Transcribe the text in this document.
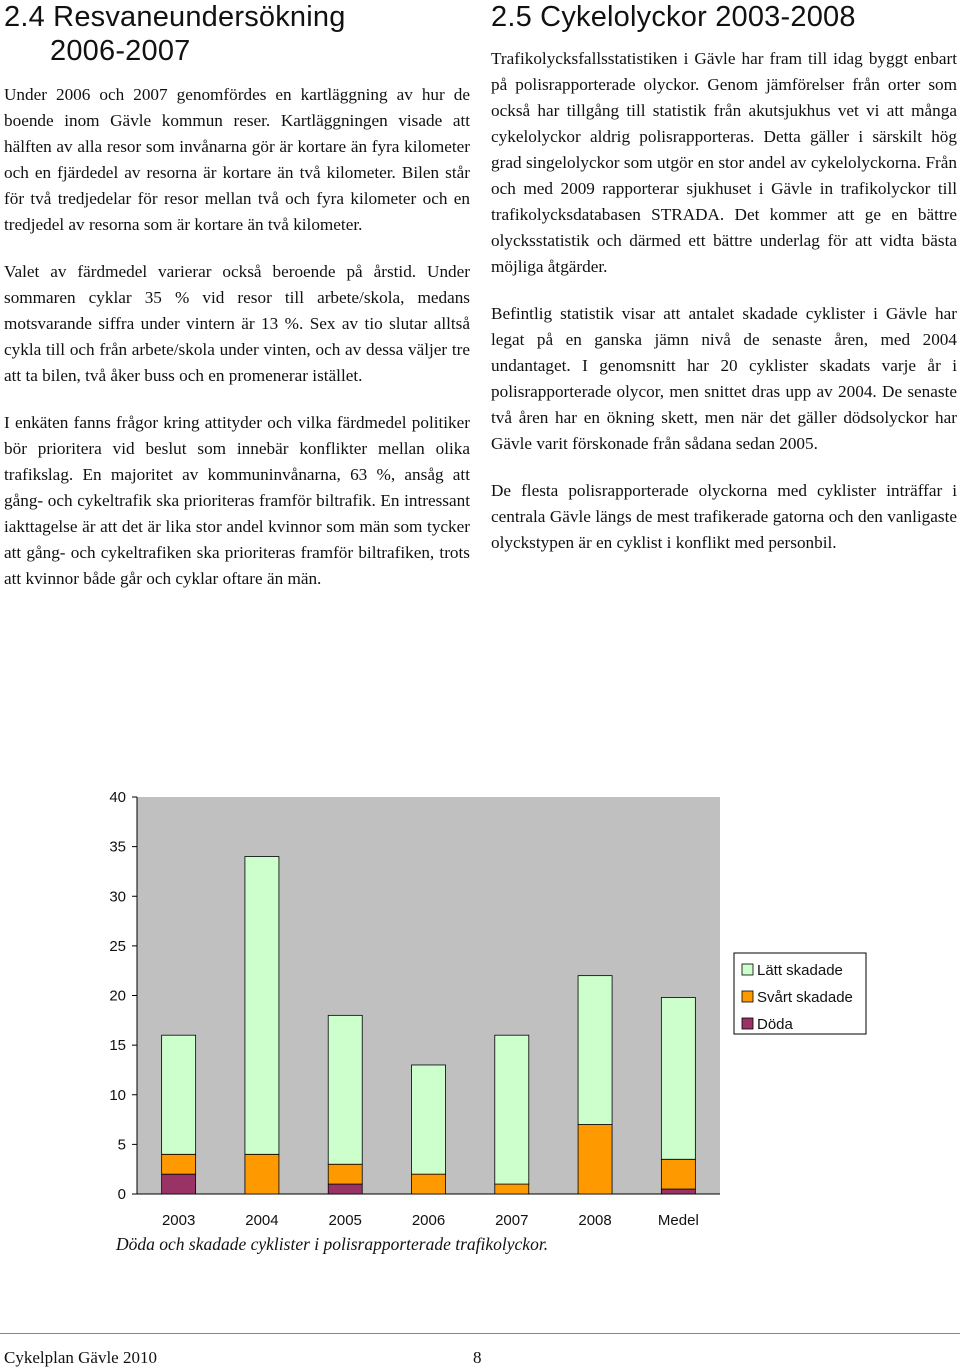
2.4 Resvaneundersökning
2006-2007

Under 2006 och 2007 genomfördes en kartläggning av hur de boende inom Gävle kommun reser. Kartläggningen visade att hälften av alla resor som invånarna gör är kortare än fyra kilometer och en fjärdedel av resorna är kortare än två kilometer. Bilen står för två tredjedelar för resor mellan två och fyra kilometer och en tredjedel av resorna som är kortare än två kilometer.

Valet av färdmedel varierar också beroende på årstid. Under sommaren cyklar 35 % vid resor till arbete/skola, medans motsvarande siffra under vintern är 13 %. Sex av tio slutar alltså cykla till och från arbete/skola under vinten, och av dessa väljer tre att ta bilen, två åker buss och en promenerar istället.

I enkäten fanns frågor kring attityder och vilka färdmedel politiker bör prioritera vid beslut som innebär konflikter mellan olika trafikslag. En majoritet av kommuninvånarna, 63 %, ansåg att gång- och cykeltrafik ska prioriteras framför biltrafik. En intressant iakttagelse är att det är lika stor andel kvinnor som män som tycker att gång- och cykeltrafiken ska prioriteras framför biltrafiken, trots att kvinnor både går och cyklar oftare än män.

2.5 Cykelolyckor 2003-2008

Trafikolycksfallsstatistiken i Gävle har fram till idag byggt enbart på polisrapporterade olyckor. Genom jämförelser från orter som också har tillgång till statistik från akutsjukhus vet vi att många cykelolyckor aldrig polisrapporteras. Detta gäller i särskilt hög grad singelolyckor som utgör en stor andel av cykelolyckorna. Från och med 2009 rapporterar sjukhuset i Gävle in trafikolyckor till trafikolycksdatabasen STRADA. Det kommer att ge en bättre olycksstatistik och därmed ett bättre underlag för att vidta bästa möjliga åtgärder.

Befintlig statistik visar att antalet skadade cyklister i Gävle har legat på en ganska jämn nivå de senaste åren, med 2004 undantaget. I genomsnitt har 20 cyklister skadats varje år i polisrapporterade olycor, men snittet dras upp av 2004. De senaste två åren har en ökning skett, men när det gäller dödsolyckor har Gävle varit förskonade från sådana sedan 2005.

De flesta polisrapporterade olyckorna med cyklister inträffar i centrala Gävle längs de mest trafikerade gatorna och den vanligaste olyckstypen är en cyklist i konflikt med personbil.

0
5
10
15
20
25
30
35
40
2003	2004	2005	2006	2007	2008	Medel
Lätt skadade
Svårt skadade
Döda
Döda och skadade cyklister i polisrapporterade trafikolyckor.
Cykelplan Gävle 2010	8
